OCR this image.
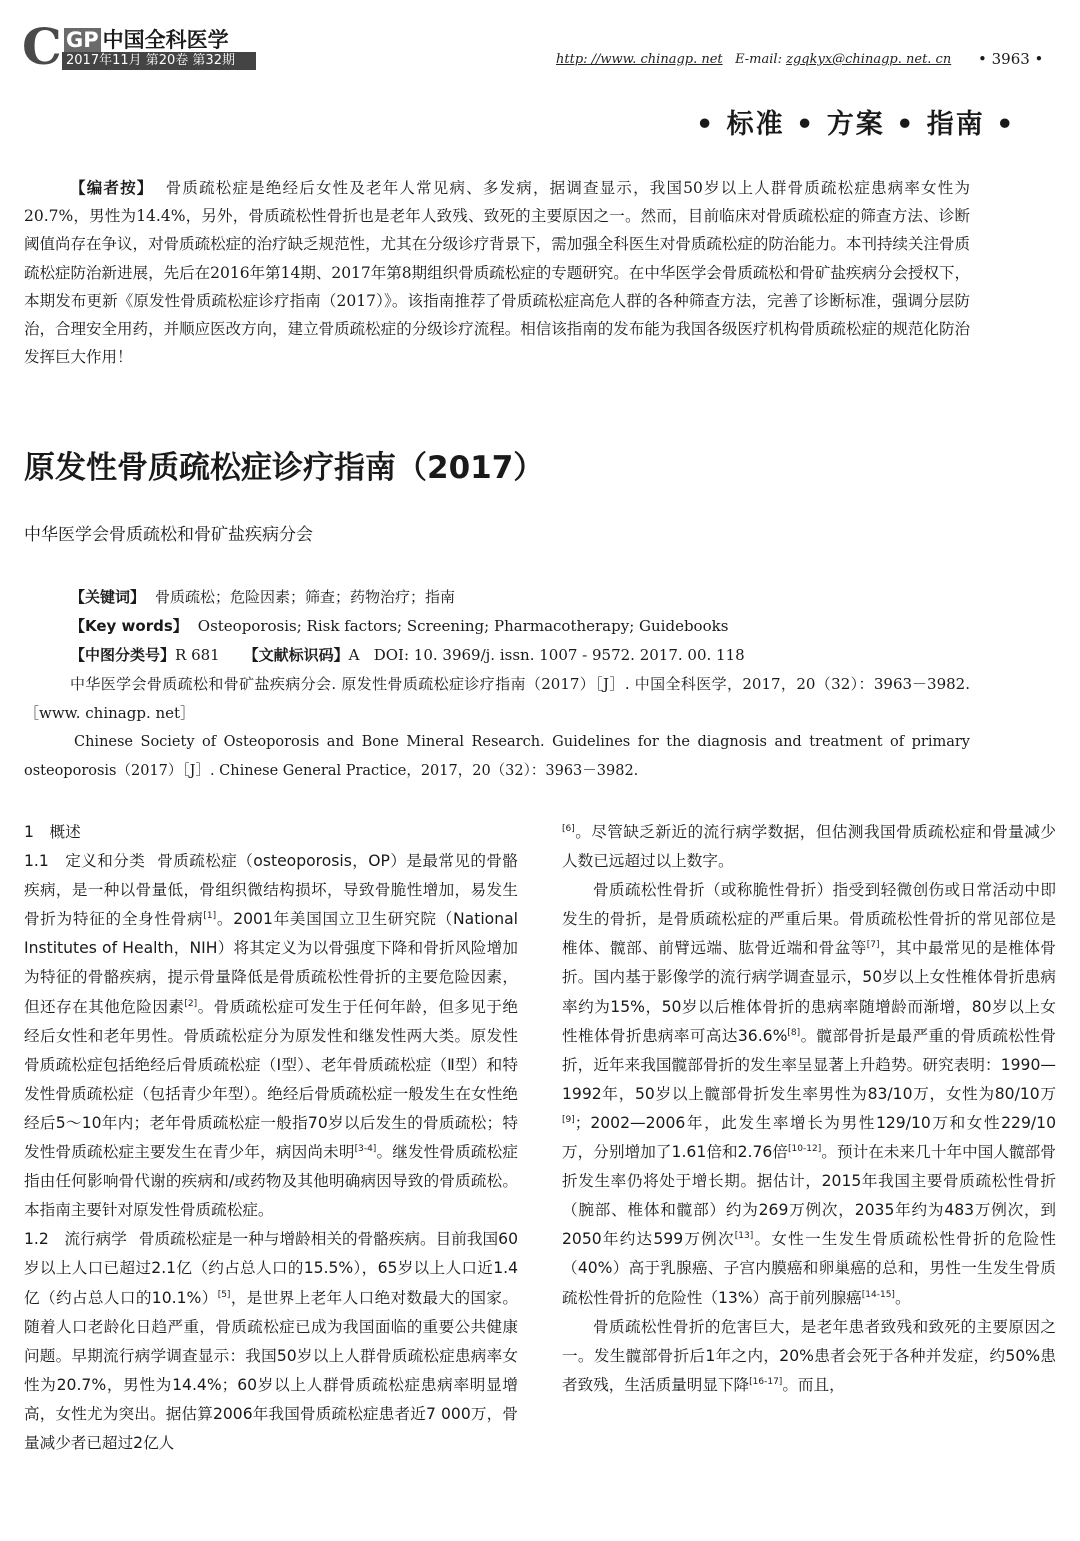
C GP 中国全科医学
2017年11月 第20卷 第32期	http: //www. chinagp. net E-mail: zgqkyx@chinagp. net. cn • 3963 •
• 标准 • 方案 • 指南 •
【编者按】 骨质疏松症是绝经后女性及老年人常见病、多发病，据调查显示，我国50岁以上人群骨质疏松症患病率女性为20.7%，男性为14.4%，另外，骨质疏松性骨折也是老年人致残、致死的主要原因之一。然而，目前临床对骨质疏松症的筛查方法、诊断阈值尚存在争议，对骨质疏松症的治疗缺乏规范性，尤其在分级诊疗背景下，需加强全科医生对骨质疏松症的防治能力。本刊持续关注骨质疏松症防治新进展，先后在2016年第14期、2017年第8期组织骨质疏松症的专题研究。在中华医学会骨质疏松和骨矿盐疾病分会授权下，本期发布更新《原发性骨质疏松症诊疗指南（2017）》。该指南推荐了骨质疏松症高危人群的各种筛查方法，完善了诊断标准，强调分层防治，合理安全用药，并顺应医改方向，建立骨质疏松症的分级诊疗流程。相信该指南的发布能为我国各级医疗机构骨质疏松症的规范化防治发挥巨大作用！
原发性骨质疏松症诊疗指南（2017）
中华医学会骨质疏松和骨矿盐疾病分会
【关键词】 骨质疏松；危险因素；筛查；药物治疗；指南
【Key words】 Osteoporosis; Risk factors; Screening; Pharmacotherapy; Guidebooks
【中图分类号】R 681 【文献标识码】A DOI: 10. 3969/j. issn. 1007 - 9572. 2017. 00. 118
中华医学会骨质疏松和骨矿盐疾病分会. 原发性骨质疏松症诊疗指南（2017）［J］. 中国全科医学，2017，20（32）：3963－3982. ［www. chinagp. net］
Chinese Society of Osteoporosis and Bone Mineral Research. Guidelines for the diagnosis and treatment of primary osteoporosis（2017）［J］. Chinese General Practice，2017，20（32）：3963－3982.

1　概述

1.1　定义和分类 骨质疏松症（osteoporosis，OP）是最常见的骨骼疾病，是一种以骨量低，骨组织微结构损坏，导致骨脆性增加，易发生骨折为特征的全身性骨病[1]。2001年美国国立卫生研究院（National Institutes of Health，NIH）将其定义为以骨强度下降和骨折风险增加为特征的骨骼疾病，提示骨量降低是骨质疏松性骨折的主要危险因素，但还存在其他危险因素[2]。骨质疏松症可发生于任何年龄，但多见于绝经后女性和老年男性。骨质疏松症分为原发性和继发性两大类。原发性骨质疏松症包括绝经后骨质疏松症（Ⅰ型）、老年骨质疏松症（Ⅱ型）和特发性骨质疏松症（包括青少年型）。绝经后骨质疏松症一般发生在女性绝经后5～10年内；老年骨质疏松症一般指70岁以后发生的骨质疏松；特发性骨质疏松症主要发生在青少年，病因尚未明[3-4]。继发性骨质疏松症指由任何影响骨代谢的疾病和/或药物及其他明确病因导致的骨质疏松。本指南主要针对原发性骨质疏松症。

1.2　流行病学 骨质疏松症是一种与增龄相关的骨骼疾病。目前我国60岁以上人口已超过2.1亿（约占总人口的15.5%），65岁以上人口近1.4亿（约占总人口的10.1%）[5]，是世界上老年人口绝对数最大的国家。随着人口老龄化日趋严重，骨质疏松症已成为我国面临的重要公共健康问题。早期流行病学调查显示：我国50岁以上人群骨质疏松症患病率女性为20.7%，男性为14.4%；60岁以上人群骨质疏松症患病率明显增高，女性尤为突出。据估算2006年我国骨质疏松症患者近7 000万，骨量减少者已超过2亿人

[6]。尽管缺乏新近的流行病学数据，但估测我国骨质疏松症和骨量减少人数已远超过以上数字。

骨质疏松性骨折（或称脆性骨折）指受到轻微创伤或日常活动中即发生的骨折，是骨质疏松症的严重后果。骨质疏松性骨折的常见部位是椎体、髋部、前臂远端、肱骨近端和骨盆等[7]，其中最常见的是椎体骨折。国内基于影像学的流行病学调查显示，50岁以上女性椎体骨折患病率约为15%，50岁以后椎体骨折的患病率随增龄而渐增，80岁以上女性椎体骨折患病率可高达36.6%[8]。髋部骨折是最严重的骨质疏松性骨折，近年来我国髋部骨折的发生率呈显著上升趋势。研究表明：1990—1992年，50岁以上髋部骨折发生率男性为83/10万，女性为80/10万[9]；2002—2006年，此发生率增长为男性129/10万和女性229/10万，分别增加了1.61倍和2.76倍[10-12]。预计在未来几十年中国人髋部骨折发生率仍将处于增长期。据估计，2015年我国主要骨质疏松性骨折（腕部、椎体和髋部）约为269万例次，2035年约为483万例次，到2050年约达599万例次[13]。女性一生发生骨质疏松性骨折的危险性（40%）高于乳腺癌、子宫内膜癌和卵巢癌的总和，男性一生发生骨质疏松性骨折的危险性（13%）高于前列腺癌[14-15]。

骨质疏松性骨折的危害巨大，是老年患者致残和致死的主要原因之一。发生髋部骨折后1年之内，20%患者会死于各种并发症，约50%患者致残，生活质量明显下降[16-17]。而且，
